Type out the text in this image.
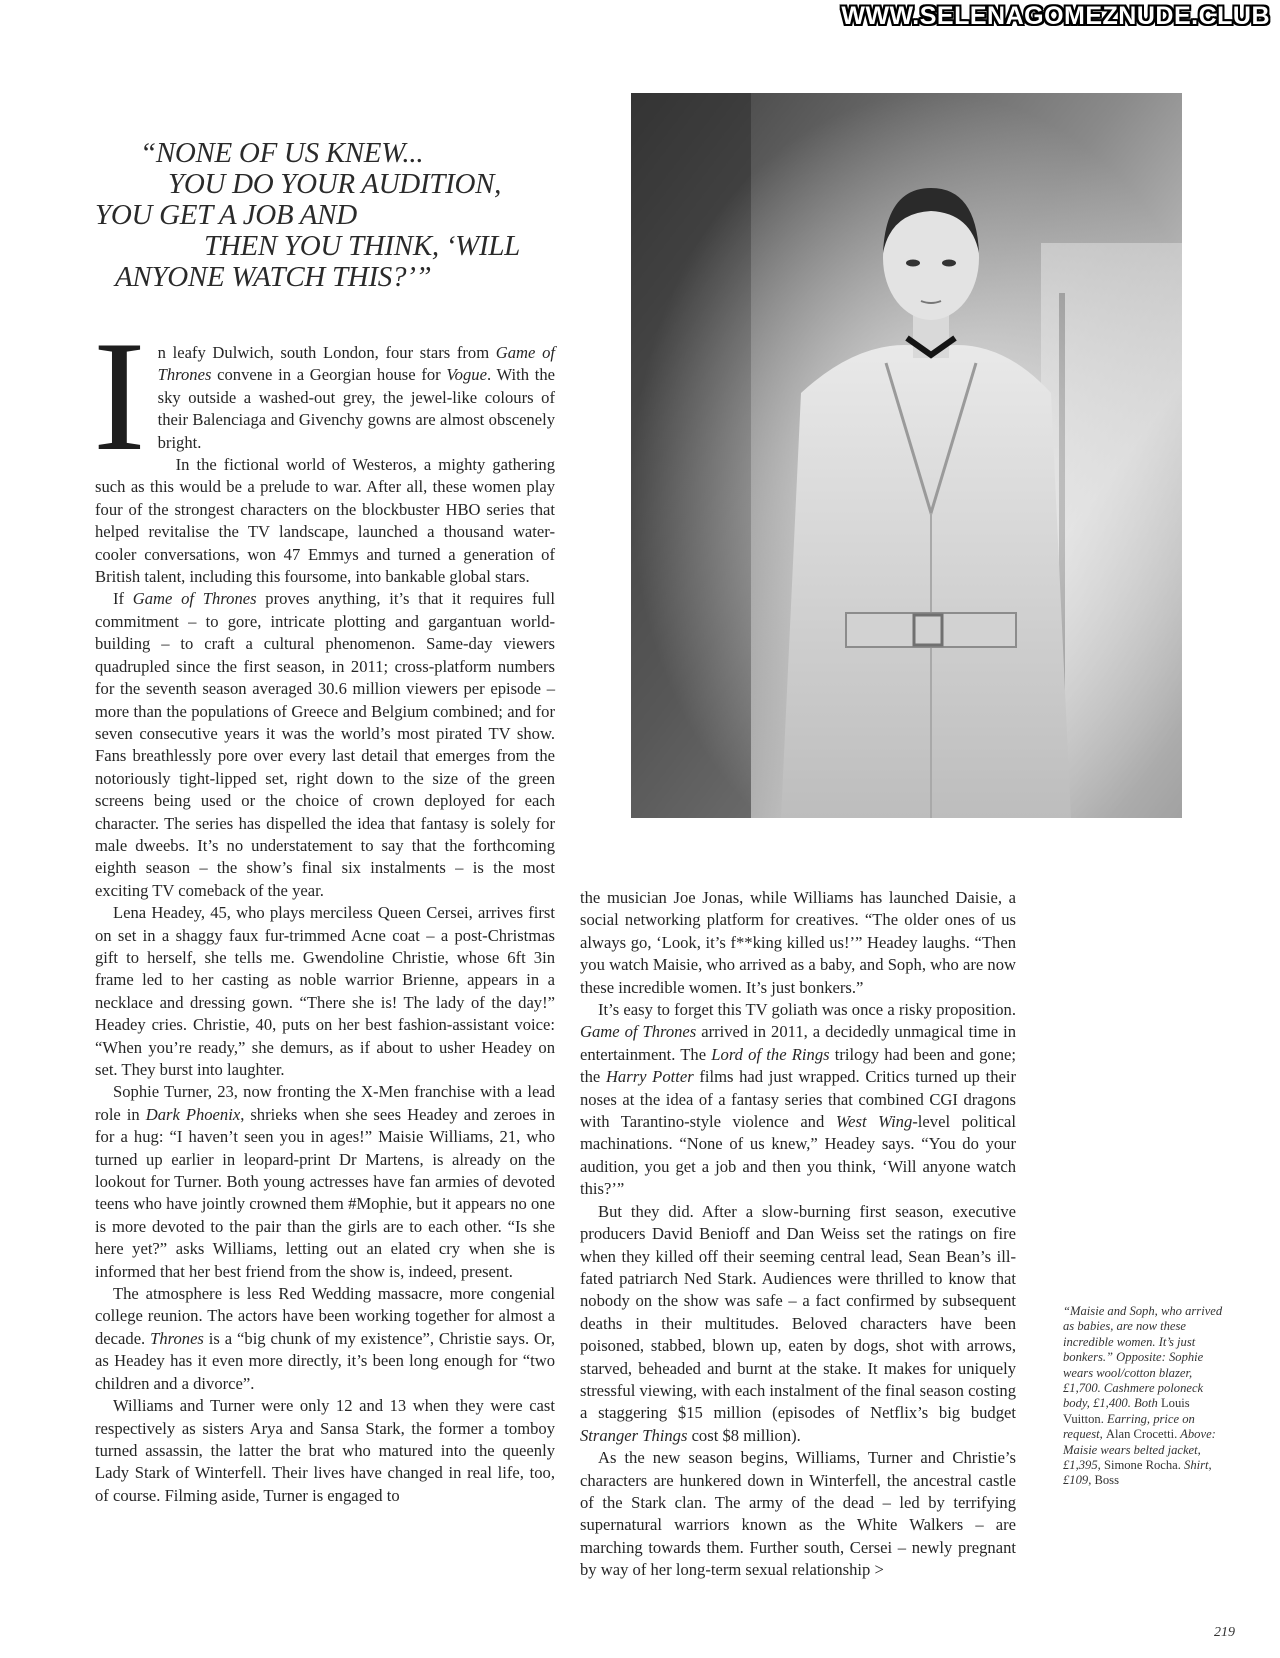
WWW.SELENAGOMEZNUDE.CLUB
“NONE OF US KNEW...
YOU DO YOUR AUDITION,
YOU GET A JOB AND
THEN YOU THINK, ‘WILL
ANYONE WATCH THIS?’”

In leafy Dulwich, south London, four stars from Game of Thrones convene in a Georgian house for Vogue. With the sky outside a washed-out grey, the jewel-like colours of their Balenciaga and Givenchy gowns are almost obscenely bright.

In the fictional world of Westeros, a mighty gathering such as this would be a prelude to war. After all, these women play four of the strongest characters on the blockbuster HBO series that helped revitalise the TV landscape, launched a thousand water-cooler conversations, won 47 Emmys and turned a generation of British talent, including this foursome, into bankable global stars.

If Game of Thrones proves anything, it’s that it requires full commitment – to gore, intricate plotting and gargantuan world-building – to craft a cultural phenomenon. Same-day viewers quadrupled since the first season, in 2011; cross-platform numbers for the seventh season averaged 30.6 million viewers per episode – more than the populations of Greece and Belgium combined; and for seven consecutive years it was the world’s most pirated TV show. Fans breathlessly pore over every last detail that emerges from the notoriously tight-lipped set, right down to the size of the green screens being used or the choice of crown deployed for each character. The series has dispelled the idea that fantasy is solely for male dweebs. It’s no understatement to say that the forthcoming eighth season – the show’s final six instalments – is the most exciting TV comeback of the year.

Lena Headey, 45, who plays merciless Queen Cersei, arrives first on set in a shaggy faux fur-trimmed Acne coat – a post-Christmas gift to herself, she tells me. Gwendoline Christie, whose 6ft 3in frame led to her casting as noble warrior Brienne, appears in a necklace and dressing gown. “There she is! The lady of the day!” Headey cries. Christie, 40, puts on her best fashion-assistant voice: “When you’re ready,” she demurs, as if about to usher Headey on set. They burst into laughter.

Sophie Turner, 23, now fronting the X-Men franchise with a lead role in Dark Phoenix, shrieks when she sees Headey and zeroes in for a hug: “I haven’t seen you in ages!” Maisie Williams, 21, who turned up earlier in leopard-print Dr Martens, is already on the lookout for Turner. Both young actresses have fan armies of devoted teens who have jointly crowned them #Mophie, but it appears no one is more devoted to the pair than the girls are to each other. “Is she here yet?” asks Williams, letting out an elated cry when she is informed that her best friend from the show is, indeed, present.

The atmosphere is less Red Wedding massacre, more congenial college reunion. The actors have been working together for almost a decade. Thrones is a “big chunk of my existence”, Christie says. Or, as Headey has it even more directly, it’s been long enough for “two children and a divorce”.

Williams and Turner were only 12 and 13 when they were cast respectively as sisters Arya and Sansa Stark, the former a tomboy turned assassin, the latter the brat who matured into the queenly Lady Stark of Winterfell. Their lives have changed in real life, too, of course. Filming aside, Turner is engaged to

the musician Joe Jonas, while Williams has launched Daisie, a social networking platform for creatives. “The older ones of us always go, ‘Look, it’s f**king killed us!’” Headey laughs. “Then you watch Maisie, who arrived as a baby, and Soph, who are now these incredible women. It’s just bonkers.”

It’s easy to forget this TV goliath was once a risky proposition. Game of Thrones arrived in 2011, a decidedly unmagical time in entertainment. The Lord of the Rings trilogy had been and gone; the Harry Potter films had just wrapped. Critics turned up their noses at the idea of a fantasy series that combined CGI dragons with Tarantino-style violence and West Wing-level political machinations. “None of us knew,” Headey says. “You do your audition, you get a job and then you think, ‘Will anyone watch this?’”

But they did. After a slow-burning first season, executive producers David Benioff and Dan Weiss set the ratings on fire when they killed off their seeming central lead, Sean Bean’s ill-fated patriarch Ned Stark. Audiences were thrilled to know that nobody on the show was safe – a fact confirmed by subsequent deaths in their multitudes. Beloved characters have been poisoned, stabbed, blown up, eaten by dogs, shot with arrows, starved, beheaded and burnt at the stake. It makes for uniquely stressful viewing, with each instalment of the final season costing a staggering $15 million (episodes of Netflix’s big budget Stranger Things cost $8 million).

As the new season begins, Williams, Turner and Christie’s characters are hunkered down in Winterfell, the ancestral castle of the Stark clan. The army of the dead – led by terrifying supernatural warriors known as the White Walkers – are marching towards them. Further south, Cersei – newly pregnant by way of her long-term sexual relationship >

“Maisie and Soph, who arrived as babies, are now these incredible women. It’s just bonkers.” Opposite: Sophie wears wool/cotton blazer, £1,700. Cashmere poloneck body, £1,400. Both Louis Vuitton. Earring, price on request, Alan Crocetti. Above: Maisie wears belted jacket, £1,395, Simone Rocha. Shirt, £109, Boss
219
